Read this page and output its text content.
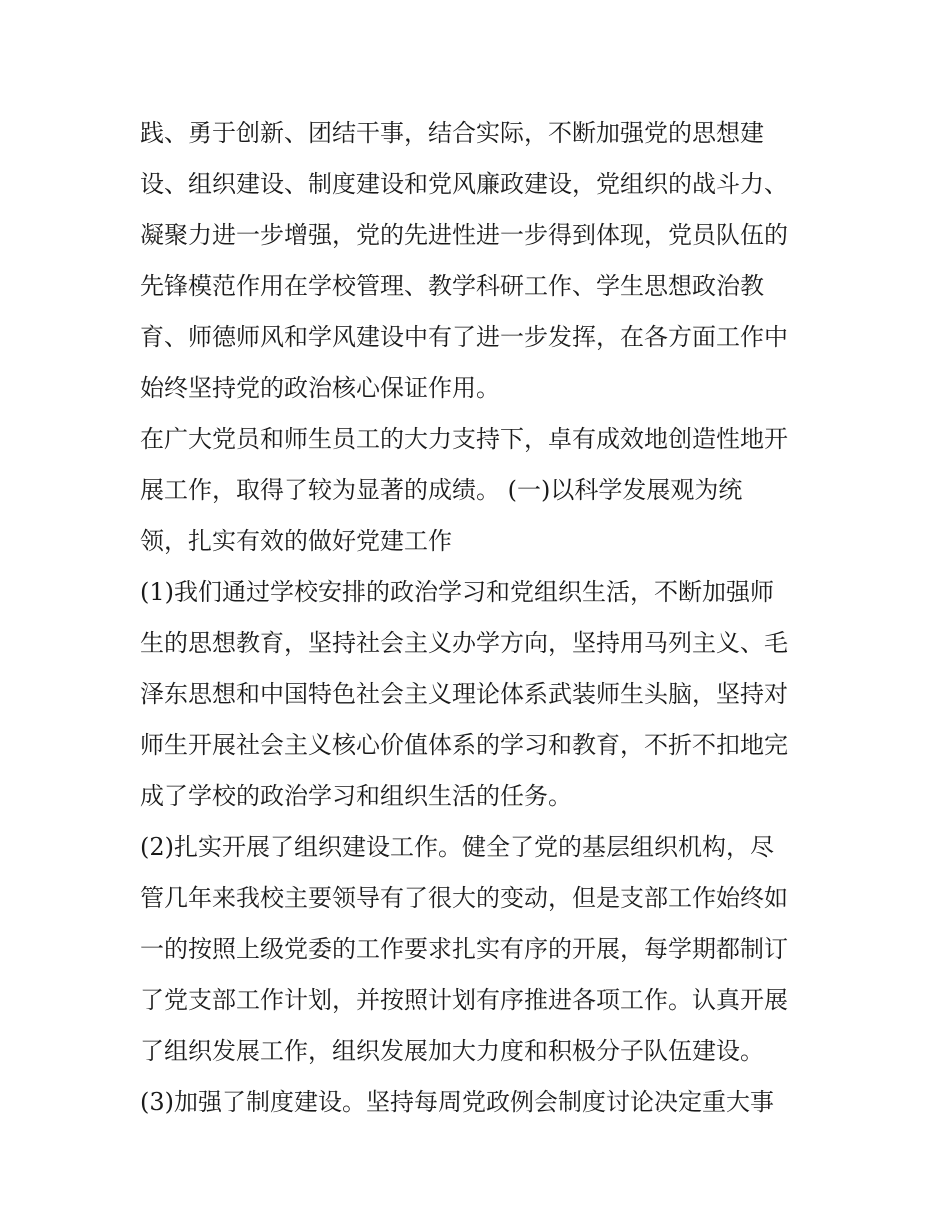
践、勇于创新、团结干事，结合实际，不断加强党的思想建
设、组织建设、制度建设和党风廉政建设，党组织的战斗力、
凝聚力进一步增强，党的先进性进一步得到体现，党员队伍的
先锋模范作用在学校管理、教学科研工作、学生思想政治教
育、师德师风和学风建设中有了进一步发挥，在各方面工作中
始终坚持党的政治核心保证作用。
在广大党员和师生员工的大力支持下，卓有成效地创造性地开
展工作，取得了较为显著的成绩。 (一)以科学发展观为统
领，扎实有效的做好党建工作
(1)我们通过学校安排的政治学习和党组织生活，不断加强师
生的思想教育，坚持社会主义办学方向，坚持用马列主义、毛
泽东思想和中国特色社会主义理论体系武装师生头脑，坚持对
师生开展社会主义核心价值体系的学习和教育，不折不扣地完
成了学校的政治学习和组织生活的任务。
(2)扎实开展了组织建设工作。健全了党的基层组织机构，尽
管几年来我校主要领导有了很大的变动，但是支部工作始终如
一的按照上级党委的工作要求扎实有序的开展，每学期都制订
了党支部工作计划，并按照计划有序推进各项工作。认真开展
了组织发展工作，组织发展加大力度和积极分子队伍建设。
(3)加强了制度建设。坚持每周党政例会制度讨论决定重大事
